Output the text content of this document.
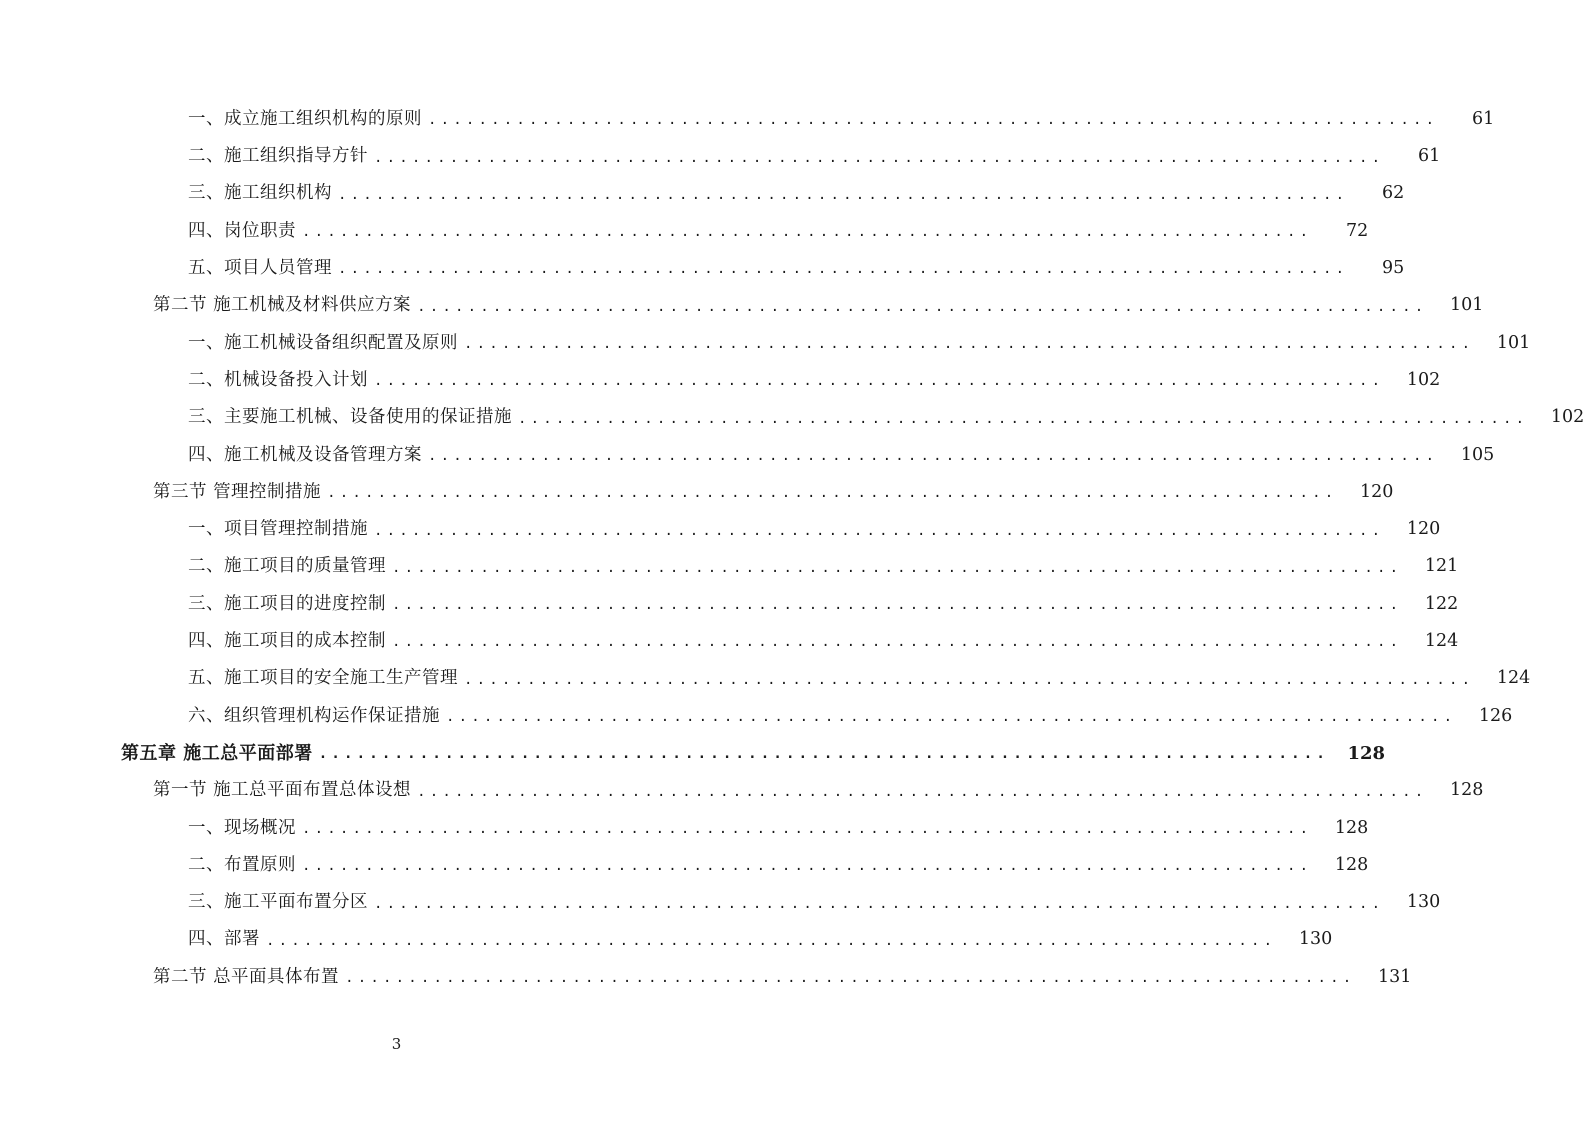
一、成立施工组织机构的原则 ................................................................................	61
二、施工组织指导方针 ................................................................................	61
三、施工组织机构 ................................................................................	62
四、岗位职责 ................................................................................	72
五、项目人员管理 ................................................................................	95
第二节 施工机械及材料供应方案 ................................................................................	101
一、施工机械设备组织配置及原则 ................................................................................	101
二、机械设备投入计划 ................................................................................	102
三、主要施工机械、设备使用的保证措施 ................................................................................	102
四、施工机械及设备管理方案 ................................................................................	105
第三节 管理控制措施 ................................................................................	120
一、项目管理控制措施 ................................................................................	120
二、施工项目的质量管理 ................................................................................	121
三、施工项目的进度控制 ................................................................................	122
四、施工项目的成本控制 ................................................................................	124
五、施工项目的安全施工生产管理 ................................................................................	124
六、组织管理机构运作保证措施 ................................................................................	126
第五章 施工总平面部署 ................................................................................	128
第一节 施工总平面布置总体设想 ................................................................................	128
一、现场概况 ................................................................................	128
二、布置原则 ................................................................................	128
三、施工平面布置分区 ................................................................................	130
四、部署 ................................................................................	130
第二节 总平面具体布置 ................................................................................	131
3
